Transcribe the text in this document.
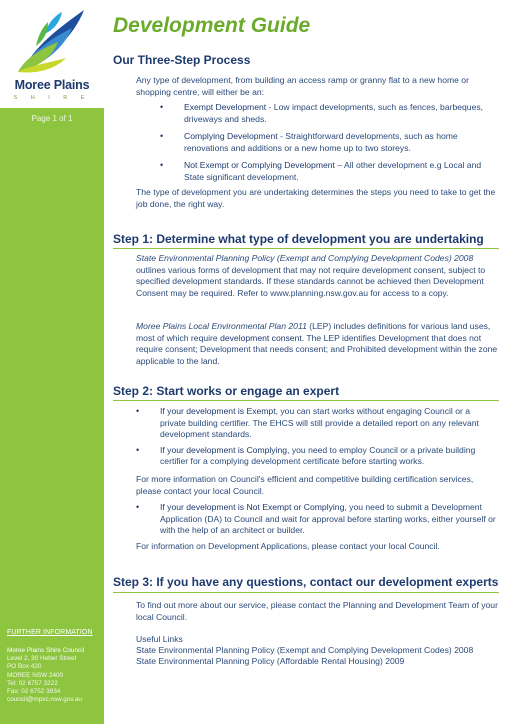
Moree Plains
S H I R E
Page 1 of 1
FURTHER INFORMATION
Moree Plains Shire Council
Level 2, 30 Heber Street
PO Box 420
MOREE NSW 2400
Tel: 02 6757 3222
Fax: 02 6752 3934
council@mpsc.nsw.gov.au
Development Guide
Our Three-Step Process
Any type of development, from building an access ramp or granny flat to a new home or shopping centre, will either be an:
• Exempt Development - Low impact developments, such as fences, barbeques, driveways and sheds.
• Complying Development - Straightforward developments, such as home renovations and additions or a new home up to two storeys.
• Not Exempt or Complying Development – All other development e.g Local and State significant development.
The type of development you are undertaking determines the steps you need to take to get the job done, the right way.
Step 1: Determine what type of development you are undertaking
State Environmental Planning Policy (Exempt and Complying Development Codes) 2008 outlines various forms of development that may not require development consent, subject to specified development standards. If these standards cannot be achieved then Development Consent may be required. Refer to www.planning.nsw.gov.au for access to a copy.
Moree Plains Local Environmental Plan 2011 (LEP) includes definitions for various land uses, most of which require development consent. The LEP identifies Development that does not require consent; Development that needs consent; and Prohibited development within the zone applicable to the land.
Step 2: Start works or engage an expert
• If your development is Exempt, you can start works without engaging Council or a private building certifier. The EHCS will still provide a detailed report on any relevant development standards.
• If your development is Complying, you need to employ Council or a private building certifier for a complying development certificate before starting works.
For more information on Council's efficient and competitive building certification services, please contact your local Council.
• If your development is Not Exempt or Complying, you need to submit a Development Application (DA) to Council and wait for approval before starting works, either yourself or with the help of an architect or builder.
For information on Development Applications, please contact your local Council.
Step 3: If you have any questions, contact our development experts
To find out more about our service, please contact the Planning and Development Team of your local Council.
Useful Links
State Environmental Planning Policy (Exempt and Complying Development Codes) 2008
State Environmental Planning Policy (Affordable Rental Housing) 2009
